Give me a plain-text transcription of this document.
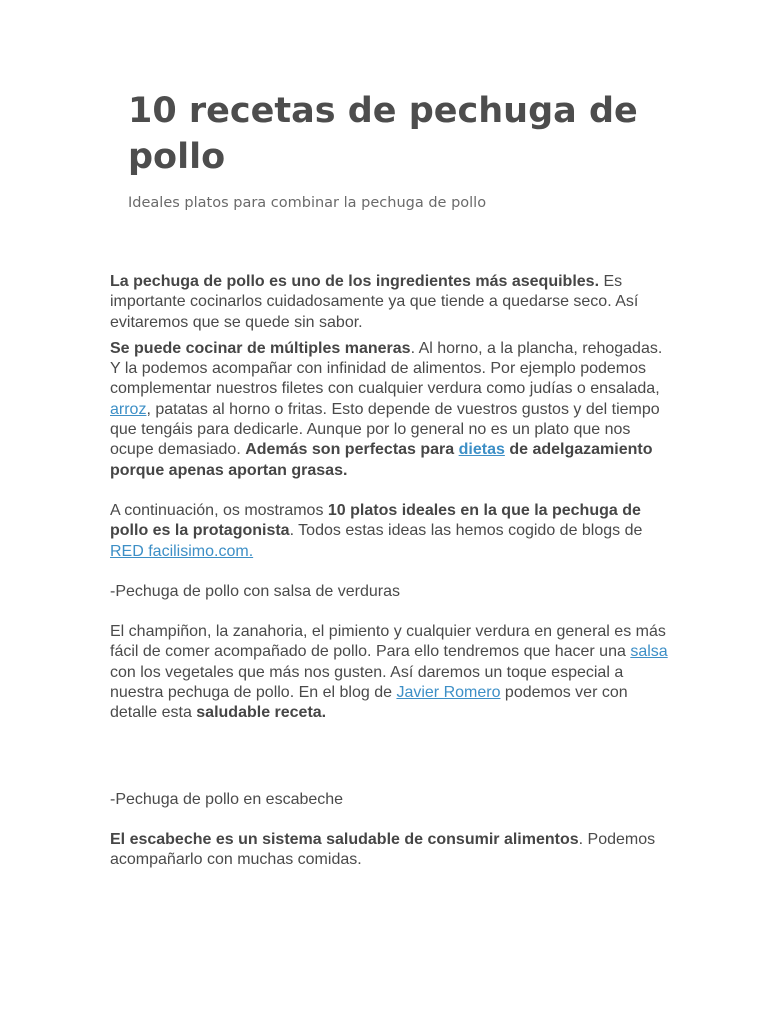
10 recetas de pechuga de pollo

Ideales platos para combinar la pechuga de pollo

La pechuga de pollo es uno de los ingredientes más asequibles. Es importante cocinarlos cuidadosamente ya que tiende a quedarse seco. Así evitaremos que se quede sin sabor.

Se puede cocinar de múltiples maneras. Al horno, a la plancha, rehogadas. Y la podemos acompañar con infinidad de alimentos. Por ejemplo podemos complementar nuestros filetes con cualquier verdura como judías o ensalada, arroz, patatas al horno o fritas. Esto depende de vuestros gustos y del tiempo que tengáis para dedicarle. Aunque por lo general no es un plato que nos ocupe demasiado. Además son perfectas para dietas de adelgazamiento porque apenas aportan grasas.

A continuación, os mostramos 10 platos ideales en la que la pechuga de pollo es la protagonista. Todos estas ideas las hemos cogido de blogs de RED facilisimo.com.

-Pechuga de pollo con salsa de verduras

El champiñon, la zanahoria, el pimiento y cualquier verdura en general es más fácil de comer acompañado de pollo. Para ello tendremos que hacer una salsa con los vegetales que más nos gusten. Así daremos un toque especial a nuestra pechuga de pollo. En el blog de Javier Romero podemos ver con detalle esta saludable receta.

-Pechuga de pollo en escabeche

El escabeche es un sistema saludable de consumir alimentos. Podemos acompañarlo con muchas comidas.
